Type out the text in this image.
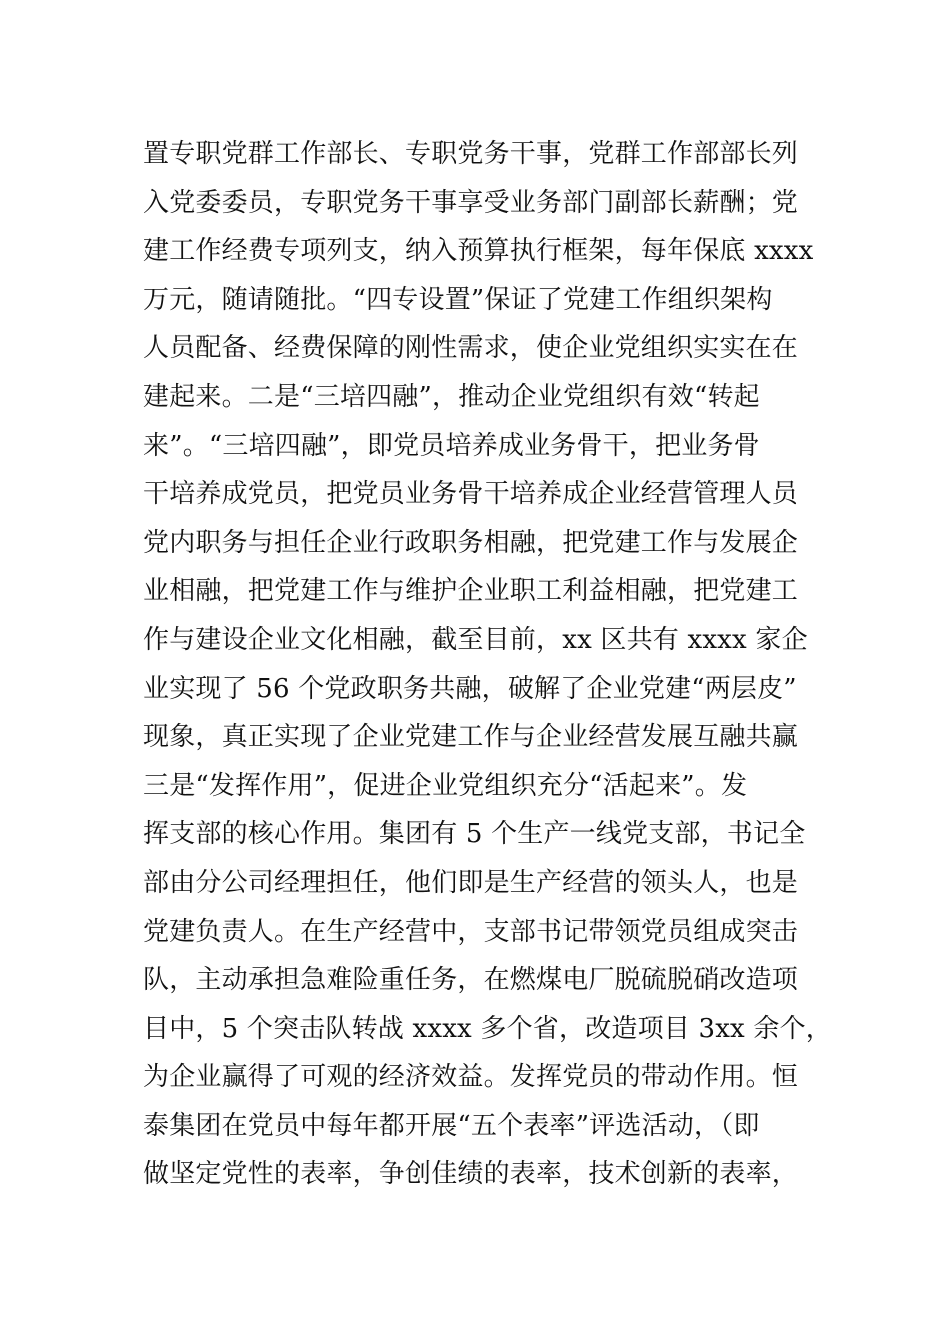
置专职党群工作部长、专职党务干事，党群工作部部长列
入党委委员，专职党务干事享受业务部门副部长薪酬；党
建工作经费专项列支，纳入预算执行框架，每年保底 xxxx
万元，随请随批。“四专设置”保证了党建工作组织架构
人员配备、经费保障的刚性需求，使企业党组织实实在在
建起来。二是“三培四融”，推动企业党组织有效“转起
来”。“三培四融”，即党员培养成业务骨干，把业务骨
干培养成党员，把党员业务骨干培养成企业经营管理人员
党内职务与担任企业行政职务相融，把党建工作与发展企
业相融，把党建工作与维护企业职工利益相融，把党建工
作与建设企业文化相融，截至目前，xx 区共有 xxxx 家企
业实现了 56 个党政职务共融，破解了企业党建“两层皮”
现象，真正实现了企业党建工作与企业经营发展互融共赢
三是“发挥作用”，促进企业党组织充分“活起来”。发
挥支部的核心作用。集团有 5 个生产一线党支部，书记全
部由分公司经理担任，他们即是生产经营的领头人，也是
党建负责人。在生产经营中，支部书记带领党员组成突击
队，主动承担急难险重任务，在燃煤电厂脱硫脱硝改造项
目中，5 个突击队转战 xxxx 多个省，改造项目 3xx 余个，
为企业赢得了可观的经济效益。发挥党员的带动作用。恒
泰集团在党员中每年都开展“五个表率”评选活动，（即
做坚定党性的表率，争创佳绩的表率，技术创新的表率，
